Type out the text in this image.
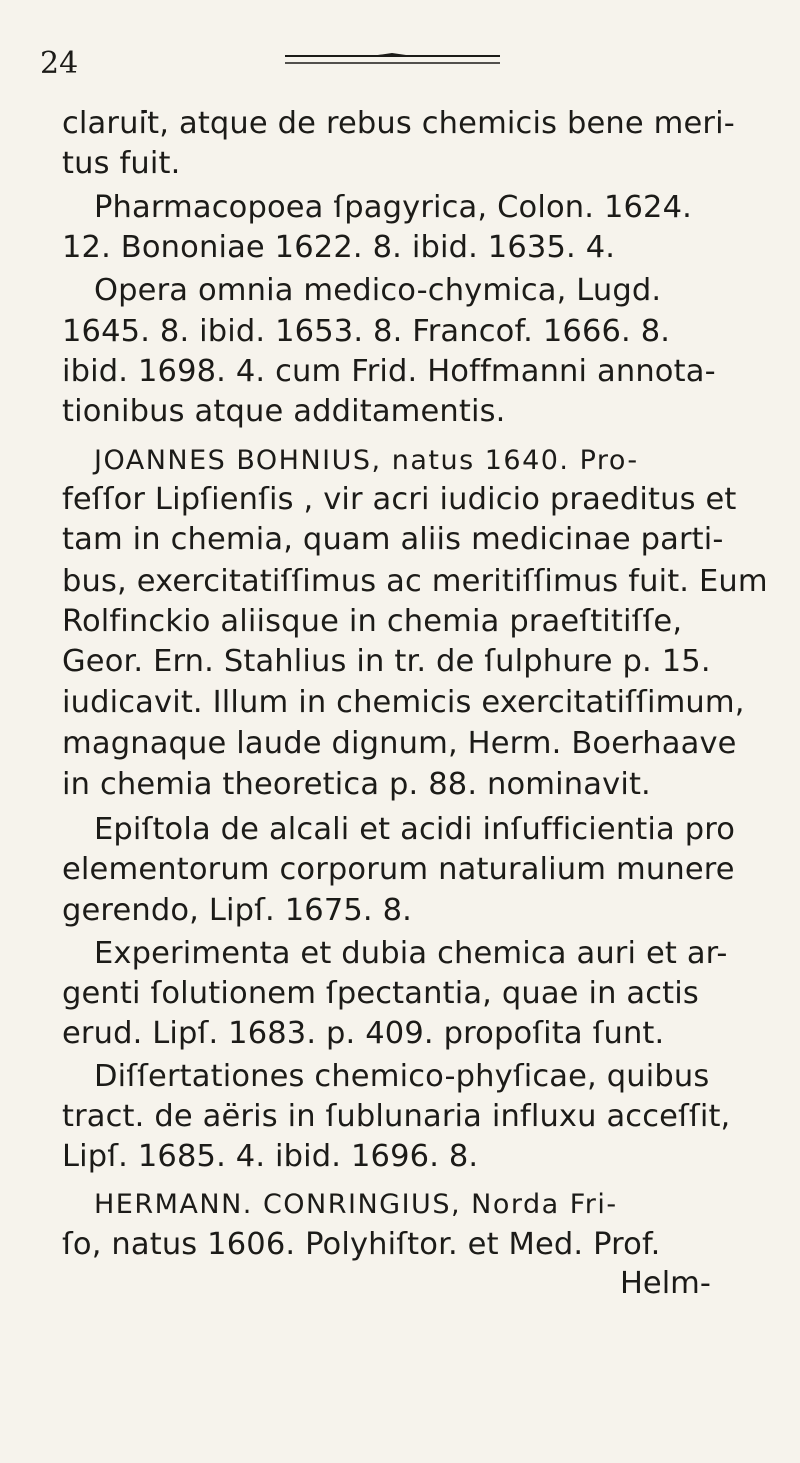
24
clarui͘t, atque de rebus chemicis bene meri-
tus fuit.
Pharmacopoea ſpagyrica, Colon. 1624.
12. Bononiae 1622. 8. ibid. 1635. 4.
Opera omnia medico-chymica, Lugd.
1645. 8. ibid. 1653. 8. Francof. 1666. 8.
ibid. 1698. 4. cum Frid. Hoffmanni annota-
tionibus atque additamentis.
JOANNES BOHNIUS, natus 1640. Pro-
feſſor Lipſienſis , vir acri iudicio praeditus et
tam in chemia, quam aliis medicinae parti-
bus, exercitatiſſimus ac meritiſſimus fuit. Eum
Rolfinckio aliisque in chemia praeſtitiſſe,
Geor. Ern. Stahlius in tr. de ſulphure p. 15.
iudicavit. Illum in chemicis exercitatiſſimum,
magnaque laude dignum, Herm. Boerhaave
in chemia theoretica p. 88. nominavit.
Epiſtola de alcali et acidi inſufficientia pro
elementorum corporum naturalium munere
gerendo, Lipſ. 1675. 8.
Experimenta et dubia chemica auri et ar-
genti ſolutionem ſpectantia, quae in actis
erud. Lipſ. 1683. p. 409. propoſita ſunt.
Diſſertationes chemico-phyſicae, quibus
tract. de aëris in ſublunaria influxu acceſſit,
Lipſ. 1685. 4. ibid. 1696. 8.
HERMANN. CONRINGIUS, Norda Fri-
ſo, natus 1606. Polyhiſtor. et Med. Prof.
Helm-
